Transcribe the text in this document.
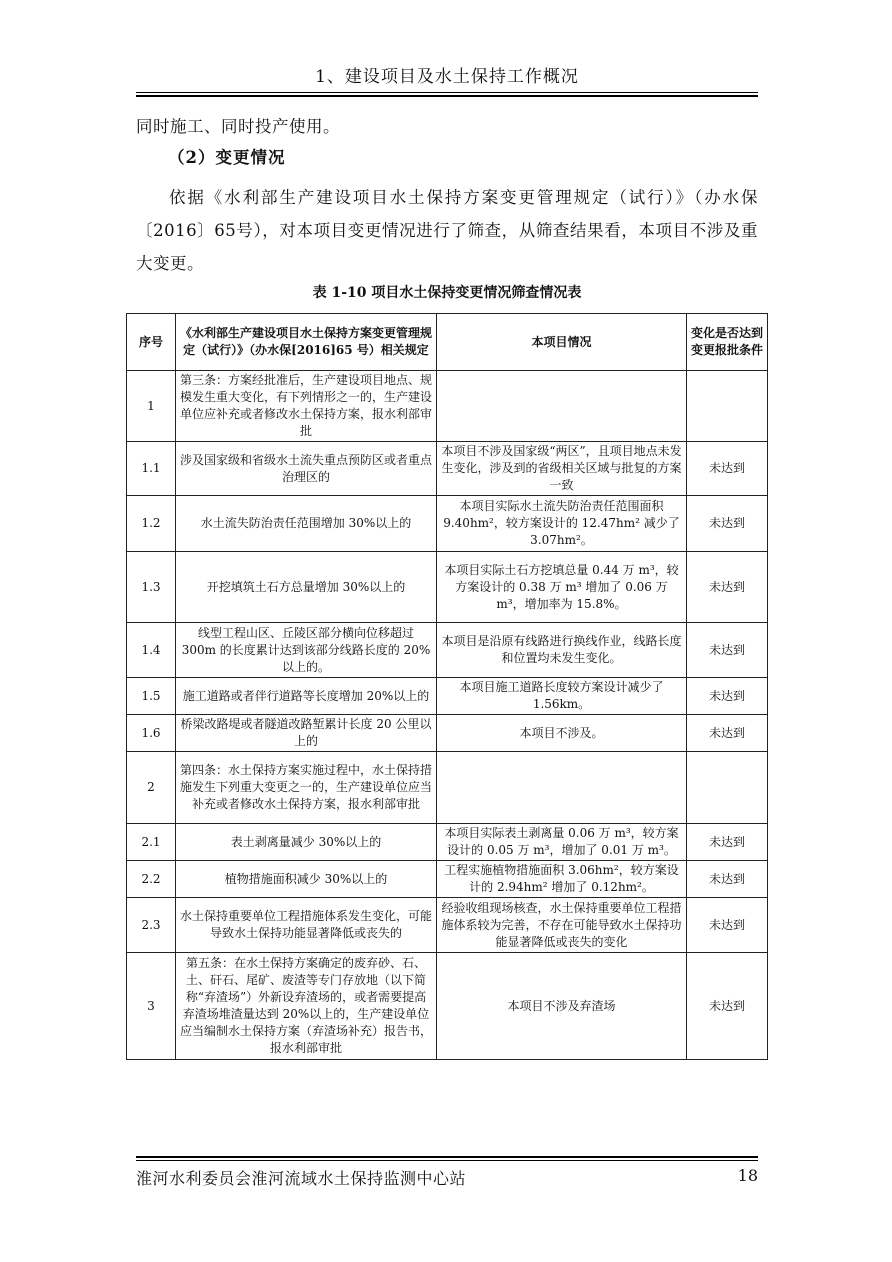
1、建设项目及水土保持工作概况
同时施工、同时投产使用。
（2）变更情况
依据《水利部生产建设项目水土保持方案变更管理规定（试行）》（办水保〔2016〕65号），对本项目变更情况进行了筛查，从筛查结果看，本项目不涉及重大变更。
表 1-10 项目水土保持变更情况筛查情况表
序号	《水利部生产建设项目水土保持方案变更管理规定（试行）》（办水保[2016]65 号）相关规定	本项目情况	变化是否达到变更报批条件
1	第三条：方案经批准后，生产建设项目地点、规模发生重大变化，有下列情形之一的，生产建设单位应补充或者修改水土保持方案，报水利部审批		
1.1	涉及国家级和省级水土流失重点预防区或者重点治理区的	本项目不涉及国家级“两区”，且项目地点未发生变化，涉及到的省级相关区域与批复的方案一致	未达到
1.2	水土流失防治责任范围增加 30%以上的	本项目实际水土流失防治责任范围面积 9.40hm²，较方案设计的 12.47hm² 减少了 3.07hm²。	未达到
1.3	开挖填筑土石方总量增加 30%以上的	本项目实际土石方挖填总量 0.44 万 m³，较方案设计的 0.38 万 m³ 增加了 0.06 万 m³，增加率为 15.8%。	未达到
1.4	线型工程山区、丘陵区部分横向位移超过 300m 的长度累计达到该部分线路长度的 20%以上的。	本项目是沿原有线路进行换线作业，线路长度和位置均未发生变化。	未达到
1.5	施工道路或者伴行道路等长度增加 20%以上的	本项目施工道路长度较方案设计减少了 1.56km。	未达到
1.6	桥梁改路堤或者隧道改路堑累计长度 20 公里以上的	本项目不涉及。	未达到
2	第四条：水土保持方案实施过程中，水土保持措施发生下列重大变更之一的，生产建设单位应当补充或者修改水土保持方案，报水利部审批		
2.1	表土剥离量减少 30%以上的	本项目实际表土剥离量 0.06 万 m³，较方案设计的 0.05 万 m³，增加了 0.01 万 m³。	未达到
2.2	植物措施面积减少 30%以上的	工程实施植物措施面积 3.06hm²，较方案设计的 2.94hm² 增加了 0.12hm²。	未达到
2.3	水土保持重要单位工程措施体系发生变化，可能导致水土保持功能显著降低或丧失的	经验收组现场核查，水土保持重要单位工程措施体系较为完善，不存在可能导致水土保持功能显著降低或丧失的变化	未达到
3	第五条：在水土保持方案确定的废弃砂、石、土、矸石、尾矿、废渣等专门存放地（以下简称“弃渣场”）外新设弃渣场的，或者需要提高弃渣场堆渣量达到 20%以上的，生产建设单位应当编制水土保持方案（弃渣场补充）报告书，报水利部审批	本项目不涉及弃渣场	未达到
淮河水利委员会淮河流域水土保持监测中心站	18
